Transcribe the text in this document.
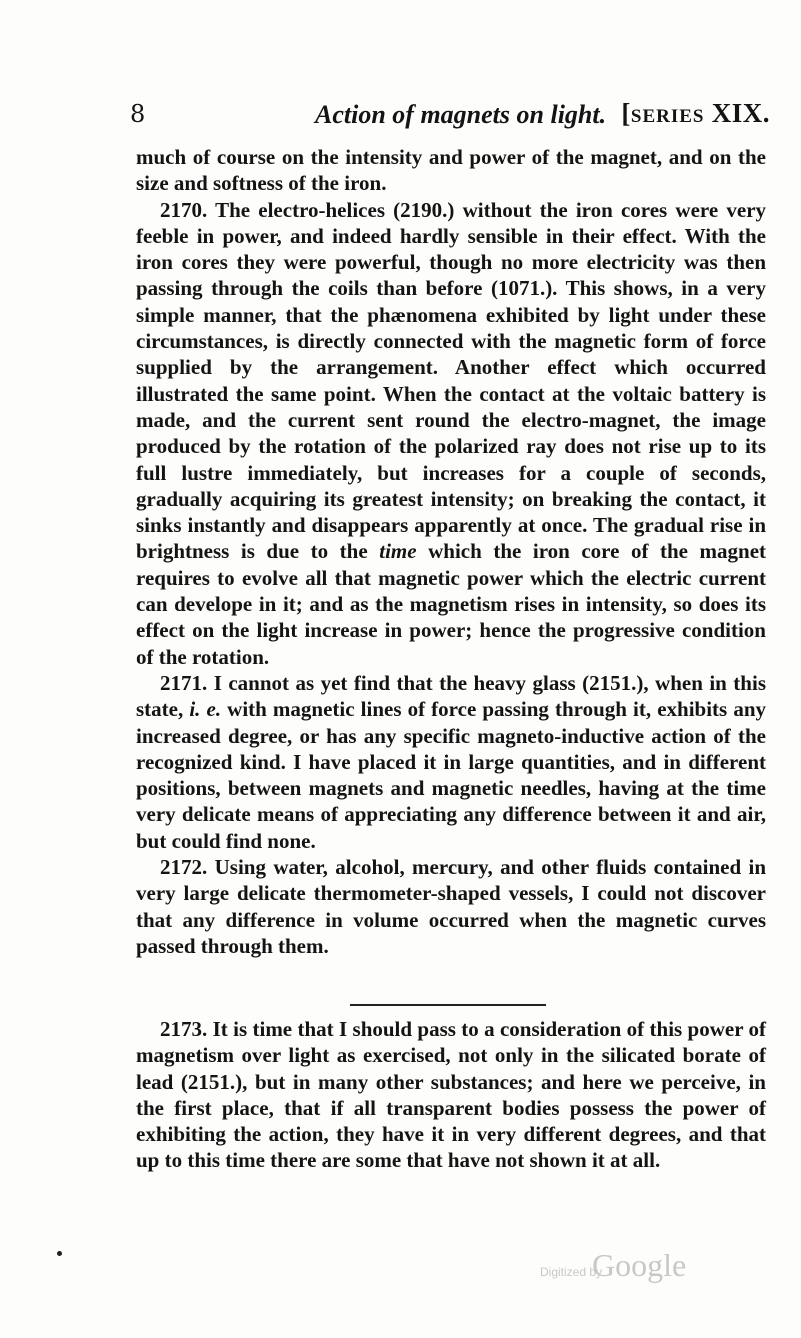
8	Action of magnets on light. [SERIES XIX.

much of course on the intensity and power of the magnet, and on the size and softness of the iron.

2170. The electro-helices (2190.) without the iron cores were very feeble in power, and indeed hardly sensible in their effect. With the iron cores they were powerful, though no more electricity was then passing through the coils than before (1071.). This shows, in a very simple manner, that the phænomena exhibited by light under these circumstances, is directly connected with the magnetic form of force supplied by the arrangement. Another effect which occurred illustrated the same point. When the contact at the voltaic battery is made, and the current sent round the electro-magnet, the image produced by the rotation of the polarized ray does not rise up to its full lustre immediately, but increases for a couple of seconds, gradually acquiring its greatest intensity; on breaking the contact, it sinks instantly and disappears apparently at once. The gradual rise in brightness is due to the time which the iron core of the magnet requires to evolve all that magnetic power which the electric current can develope in it; and as the magnetism rises in intensity, so does its effect on the light increase in power; hence the progressive condition of the rotation.

2171. I cannot as yet find that the heavy glass (2151.), when in this state, i. e. with magnetic lines of force passing through it, exhibits any increased degree, or has any specific magneto-inductive action of the recognized kind. I have placed it in large quantities, and in different positions, between magnets and magnetic needles, having at the time very delicate means of appreciating any difference between it and air, but could find none.

2172. Using water, alcohol, mercury, and other fluids contained in very large delicate thermometer-shaped vessels, I could not discover that any difference in volume occurred when the magnetic curves passed through them.

2173. It is time that I should pass to a consideration of this power of magnetism over light as exercised, not only in the silicated borate of lead (2151.), but in many other substances; and here we perceive, in the first place, that if all transparent bodies possess the power of exhibiting the action, they have it in very different degrees, and that up to this time there are some that have not shown it at all.

Digitized by
Google
